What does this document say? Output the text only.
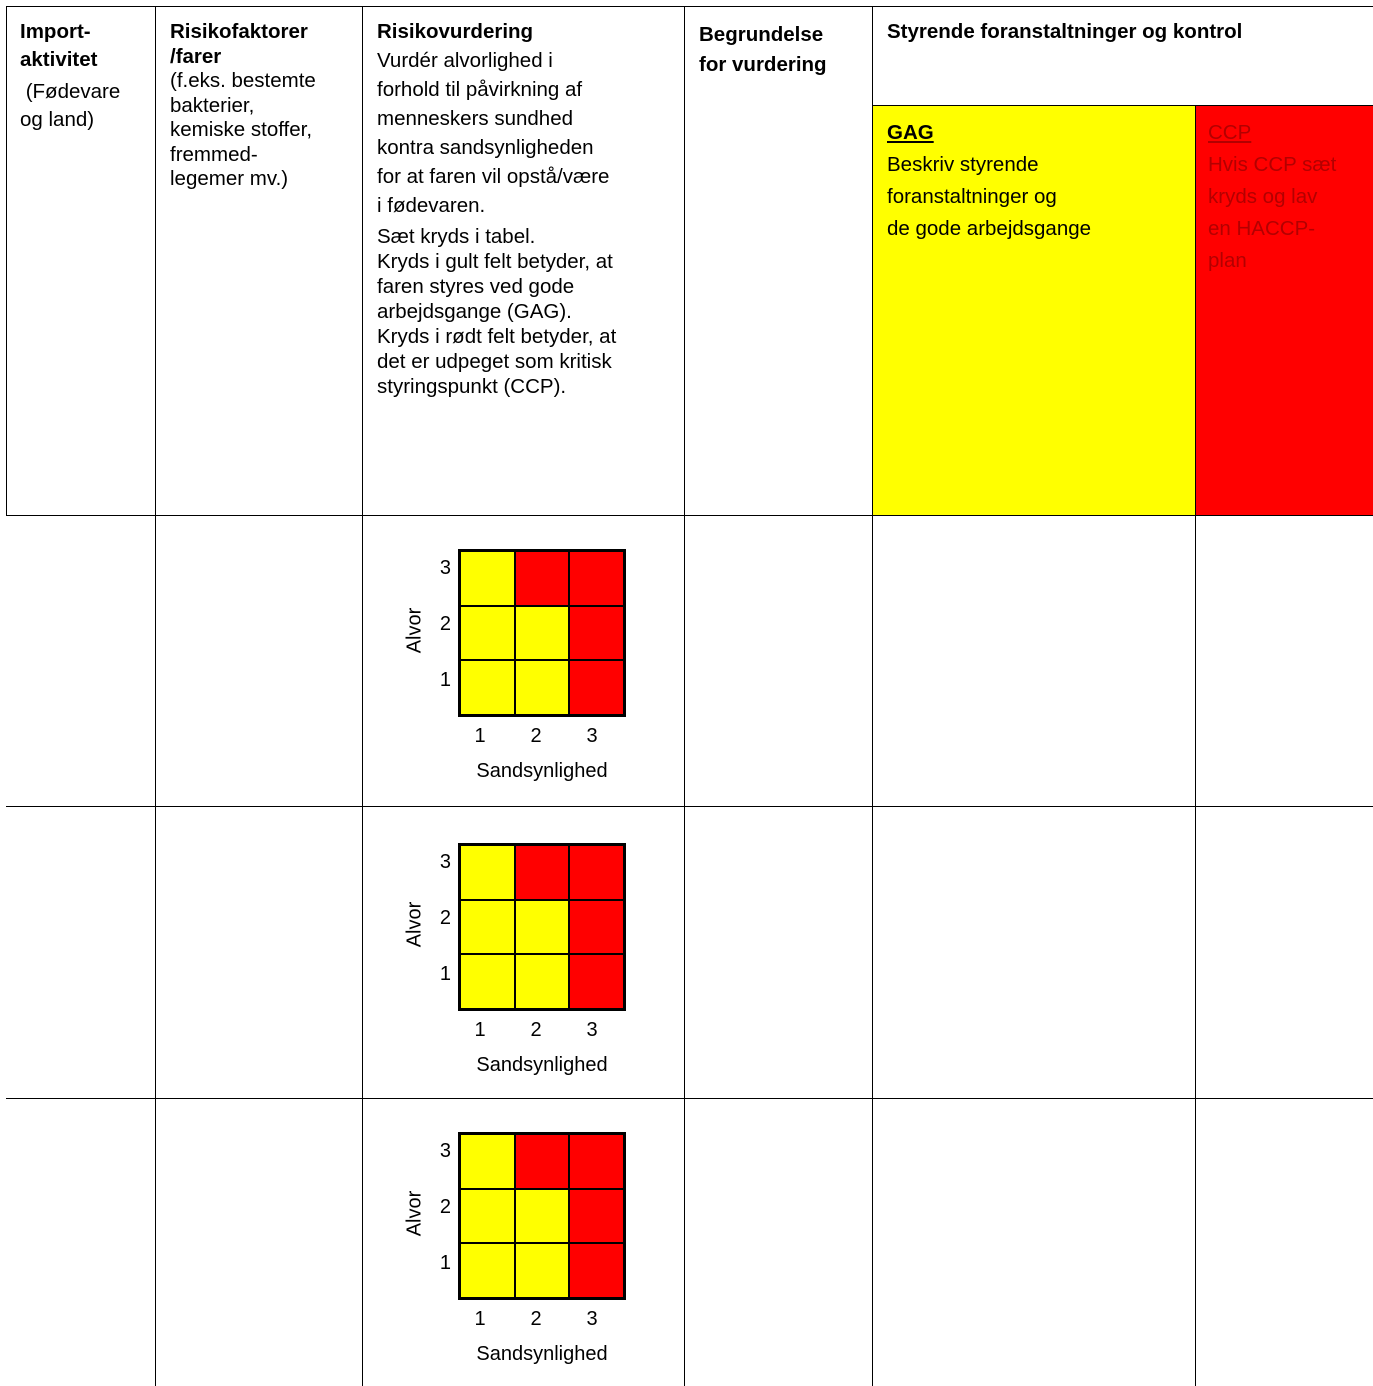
Import-

aktivitet

(Fødevare

og land)

Risikofaktorer

/farer

(f.eks. bestemte

bakterier,

kemiske stoffer,

fremmed-

legemer mv.)

Risikovurdering

Vurdér alvorlighed i

forhold til påvirkning af

menneskers sundhed

kontra sandsynligheden

for at faren vil opstå/være

i fødevaren.

Sæt kryds i tabel.

Kryds i gult felt betyder, at

faren styres ved gode

arbejdsgange (GAG).

Kryds i rødt felt betyder, at

det er udpeget som kritisk

styringspunkt (CCP).

Begrundelse

for vurdering

Styrende foranstaltninger og kontrol

GAG

Beskriv styrende

foranstaltninger og

de gode arbejdsgange

CCP

Hvis CCP sæt

kryds og lav

en HACCP-

plan

Alvor
3
2
1
1 2 3
Sandsynlighed
Alvor
3
2
1
1 2 3
Sandsynlighed
Alvor
3
2
1
1 2 3
Sandsynlighed
